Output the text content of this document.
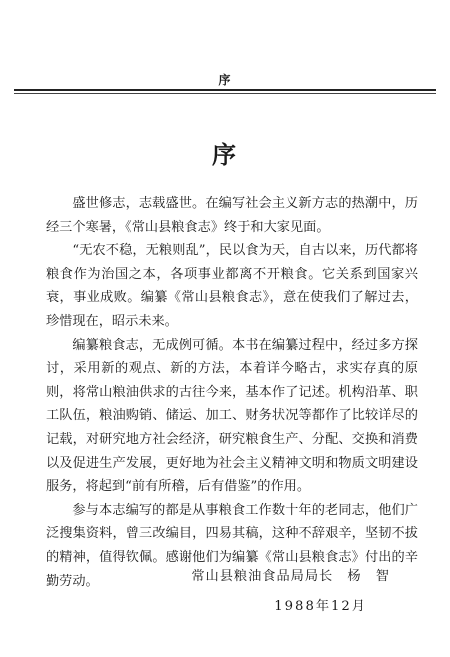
序
序

盛世修志，志载盛世。在编写社会主义新方志的热潮中，历经三个寒暑，《常山县粮食志》终于和大家见面。

“无农不稳，无粮则乱”，民以食为天，自古以来，历代都将粮食作为治国之本，各项事业都离不开粮食。它关系到国家兴衰，事业成败。编纂《常山县粮食志》，意在使我们了解过去，珍惜现在，昭示未来。

编纂粮食志，无成例可循。本书在编纂过程中，经过多方探讨，采用新的观点、新的方法，本着详今略古，求实存真的原则，将常山粮油供求的古往今来，基本作了记述。机构沿革、职工队伍，粮油购销、储运、加工、财务状况等都作了比较详尽的记载，对研究地方社会经济，研究粮食生产、分配、交换和消费以及促进生产发展，更好地为社会主义精神文明和物质文明建设服务，将起到“前有所稽，后有借鉴”的作用。

参与本志编写的都是从事粮食工作数十年的老同志，他们广泛搜集资料，曾三改编目，四易其稿，这种不辞艰辛，坚韧不拔的精神，值得钦佩。感谢他们为编纂《常山县粮食志》付出的辛勤劳动。	常山县粮油食品局局长　杨　智
1988年12月
